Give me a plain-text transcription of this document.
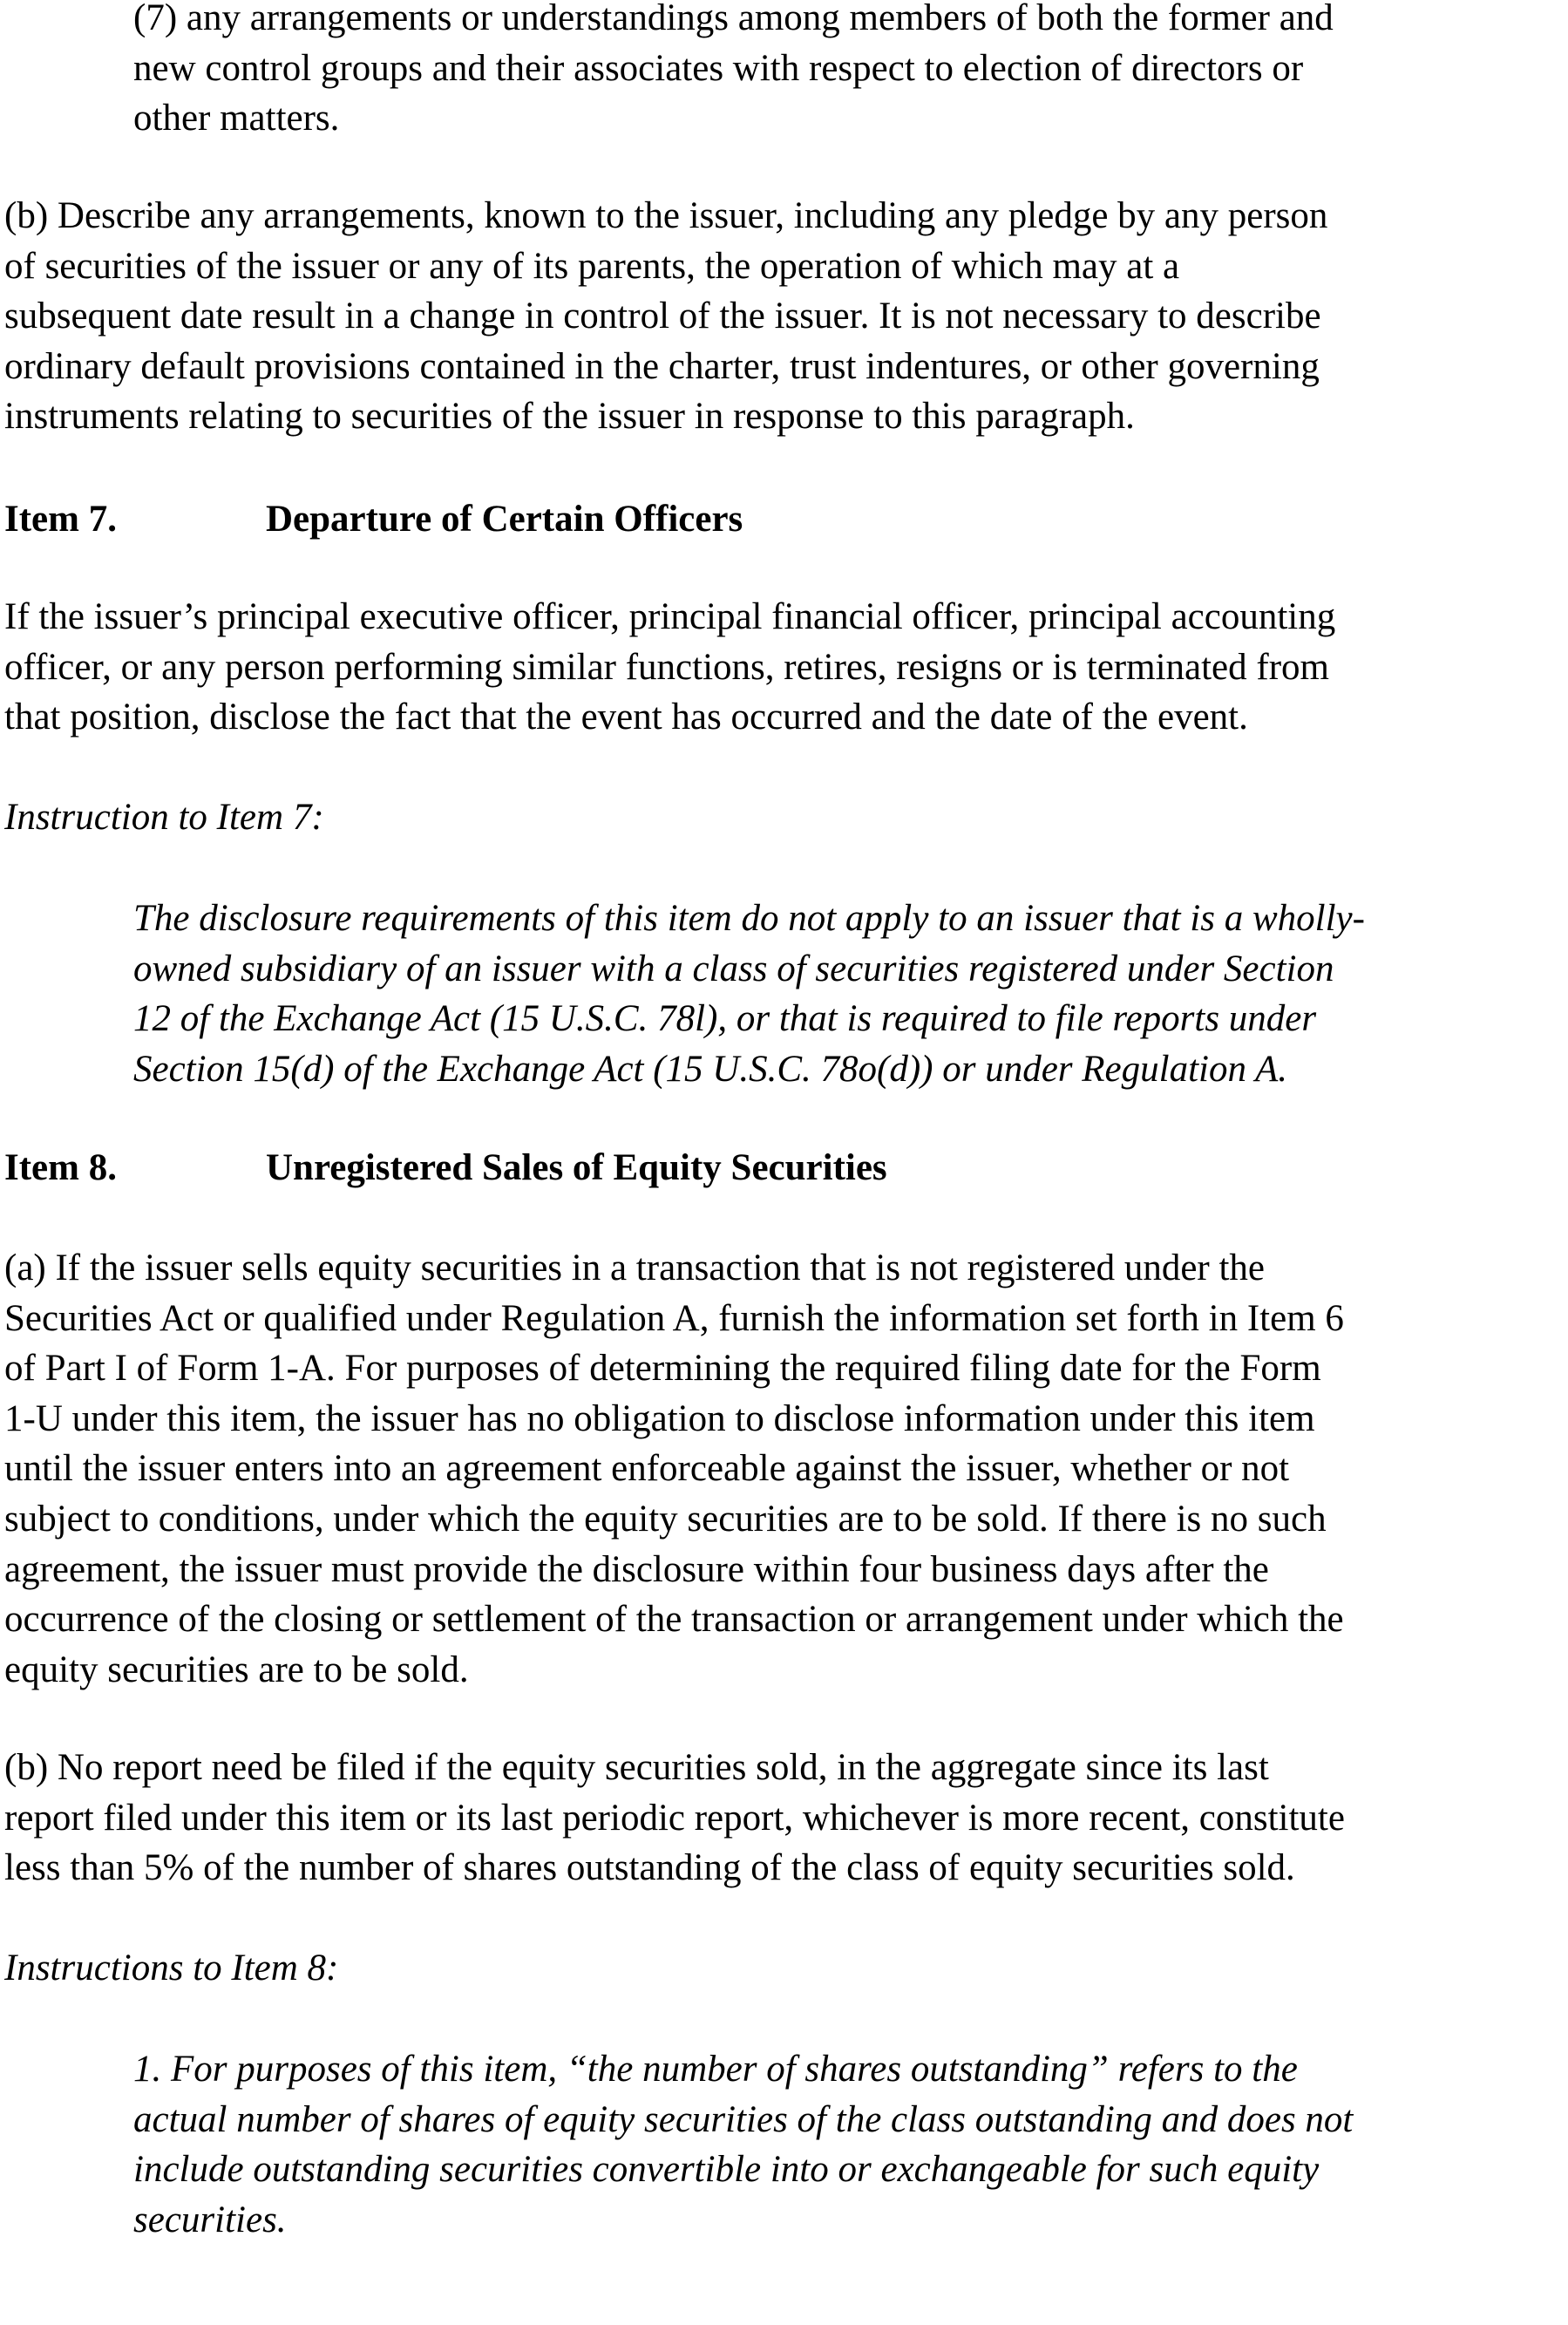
(7) any arrangements or understandings among members of both the former and
new control groups and their associates with respect to election of directors or
other matters.

(b) Describe any arrangements, known to the issuer, including any pledge by any person
of securities of the issuer or any of its parents, the operation of which may at a
subsequent date result in a change in control of the issuer. It is not necessary to describe
ordinary default provisions contained in the charter, trust indentures, or other governing
instruments relating to securities of the issuer in response to this paragraph.

Item 7.	Departure of Certain Officers

If the issuer’s principal executive officer, principal financial officer, principal accounting
officer, or any person performing similar functions, retires, resigns or is terminated from
that position, disclose the fact that the event has occurred and the date of the event.

Instruction to Item 7:

The disclosure requirements of this item do not apply to an issuer that is a wholly-
owned subsidiary of an issuer with a class of securities registered under Section
12 of the Exchange Act (15 U.S.C. 78l), or that is required to file reports under
Section 15(d) of the Exchange Act (15 U.S.C. 78o(d)) or under Regulation A.

Item 8.	Unregistered Sales of Equity Securities

(a) If the issuer sells equity securities in a transaction that is not registered under the
Securities Act or qualified under Regulation A, furnish the information set forth in Item 6
of Part I of Form 1-A. For purposes of determining the required filing date for the Form
1-U under this item, the issuer has no obligation to disclose information under this item
until the issuer enters into an agreement enforceable against the issuer, whether or not
subject to conditions, under which the equity securities are to be sold. If there is no such
agreement, the issuer must provide the disclosure within four business days after the
occurrence of the closing or settlement of the transaction or arrangement under which the
equity securities are to be sold.

(b) No report need be filed if the equity securities sold, in the aggregate since its last
report filed under this item or its last periodic report, whichever is more recent, constitute
less than 5% of the number of shares outstanding of the class of equity securities sold.

Instructions to Item 8:

1. For purposes of this item, “the number of shares outstanding” refers to the
actual number of shares of equity securities of the class outstanding and does not
include outstanding securities convertible into or exchangeable for such equity
securities.
